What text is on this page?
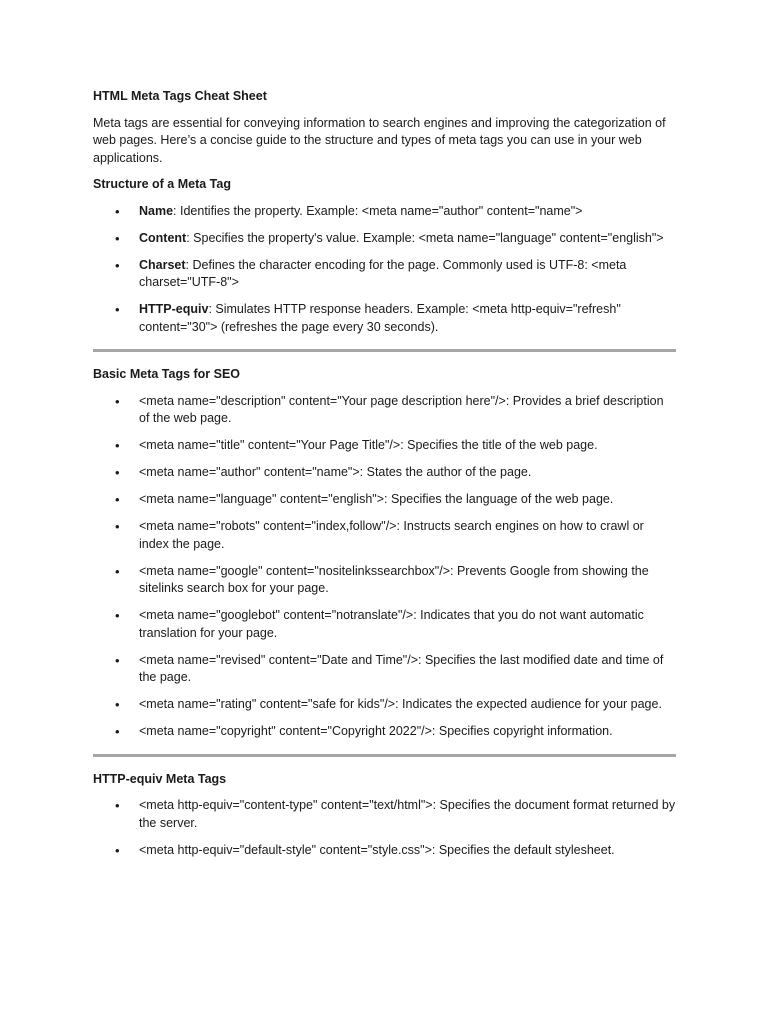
HTML Meta Tags Cheat Sheet

Meta tags are essential for conveying information to search engines and improving the categorization of web pages. Here’s a concise guide to the structure and types of meta tags you can use in your web applications.

Structure of a Meta Tag

• Name: Identifies the property. Example: <meta name="author" content="name">
• Content: Specifies the property's value. Example: <meta name="language" content="english">
• Charset: Defines the character encoding for the page. Commonly used is UTF-8: <meta charset="UTF-8">
• HTTP-equiv: Simulates HTTP response headers. Example: <meta http-equiv="refresh" content="30"> (refreshes the page every 30 seconds).

Basic Meta Tags for SEO

• <meta name="description" content="Your page description here"/>: Provides a brief description of the web page.
• <meta name="title" content="Your Page Title"/>: Specifies the title of the web page.
• <meta name="author" content="name">: States the author of the page.
• <meta name="language" content="english">: Specifies the language of the web page.
• <meta name="robots" content="index,follow"/>: Instructs search engines on how to crawl or index the page.
• <meta name="google" content="nositelinkssearchbox"/>: Prevents Google from showing the sitelinks search box for your page.
• <meta name="googlebot" content="notranslate"/>: Indicates that you do not want automatic translation for your page.
• <meta name="revised" content="Date and Time"/>: Specifies the last modified date and time of the page.
• <meta name="rating" content="safe for kids"/>: Indicates the expected audience for your page.
• <meta name="copyright" content="Copyright 2022"/>: Specifies copyright information.

HTTP-equiv Meta Tags

• <meta http-equiv="content-type" content="text/html">: Specifies the document format returned by the server.
• <meta http-equiv="default-style" content="style.css">: Specifies the default stylesheet.
